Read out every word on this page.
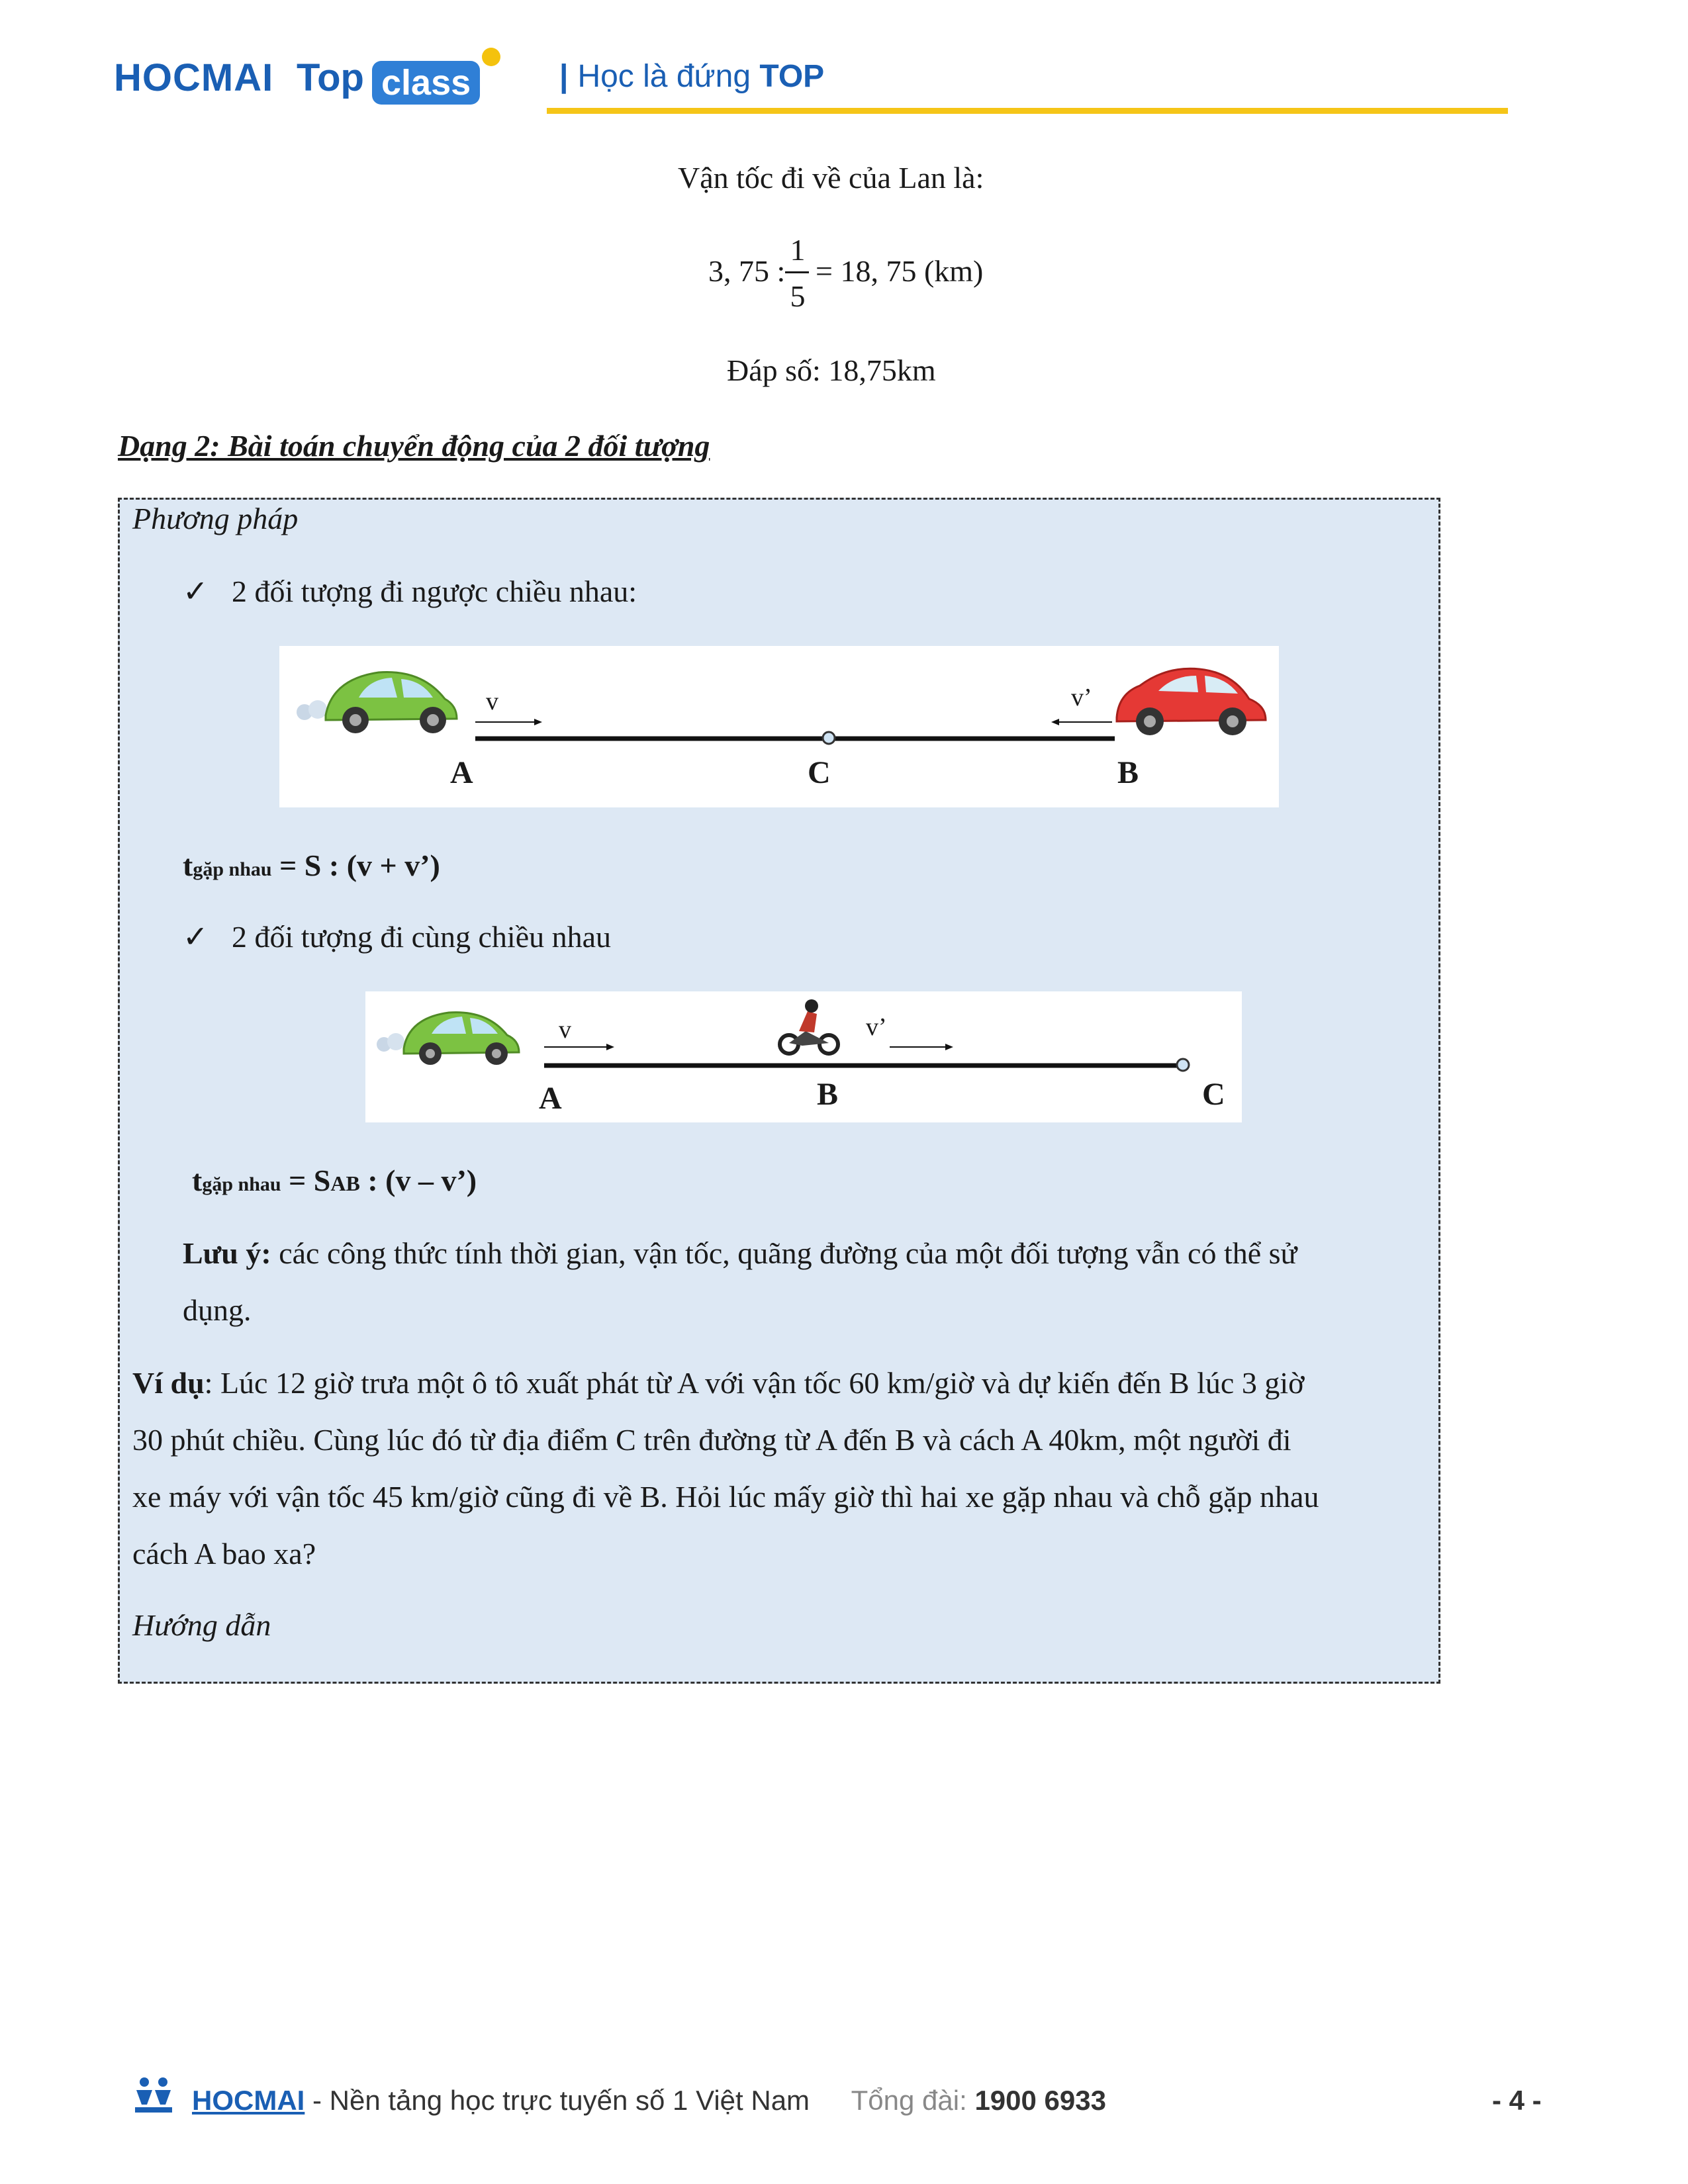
HOCMAI Top class	| Học là đứng TOP
Vận tốc đi về của Lan là:
3, 75 :
1
5
= 18, 75 (km)
Đáp số: 18,75km
Dạng 2: Bài toán chuyển động của 2 đối tượng
Phương pháp
✓ 2 đối tượng đi ngược chiều nhau:
v	v’
A	C	B
tgặp nhau = S : (v + v’)
✓ 2 đối tượng đi cùng chiều nhau
v	v’
A	B	C
tgặp nhau = SAB : (v – v’)
Lưu ý: các công thức tính thời gian, vận tốc, quãng đường của một đối tượng vẫn có thể sử
dụng.
Ví dụ: Lúc 12 giờ trưa một ô tô xuất phát từ A với vận tốc 60 km/giờ và dự kiến đến B lúc 3 giờ
30 phút chiều. Cùng lúc đó từ địa điểm C trên đường từ A đến B và cách A 40km, một người đi
xe máy với vận tốc 45 km/giờ cũng đi về B. Hỏi lúc mấy giờ thì hai xe gặp nhau và chỗ gặp nhau
cách A bao xa?
Hướng dẫn
HOCMAI - Nền tảng học trực tuyến số 1 Việt Nam Tổng đài: 1900 6933	- 4 -
